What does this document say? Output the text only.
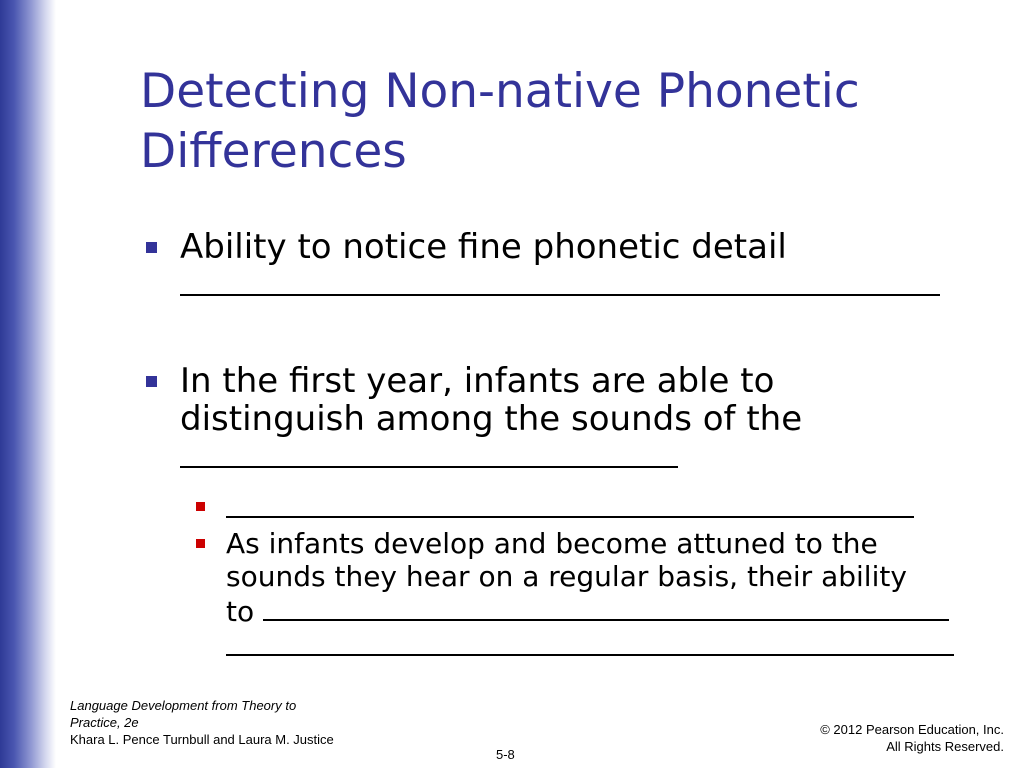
Detecting Non-native Phonetic Differences
Ability to notice fine phonetic detail
In the first year, infants are able to
distinguish among the sounds of the
As infants develop and become attuned to the
sounds they hear on a regular basis, their ability
to
Language Development from Theory to
Practice, 2e
Khara L. Pence Turnbull and Laura M. Justice
© 2012 Pearson Education, Inc.
All Rights Reserved.
5-8
